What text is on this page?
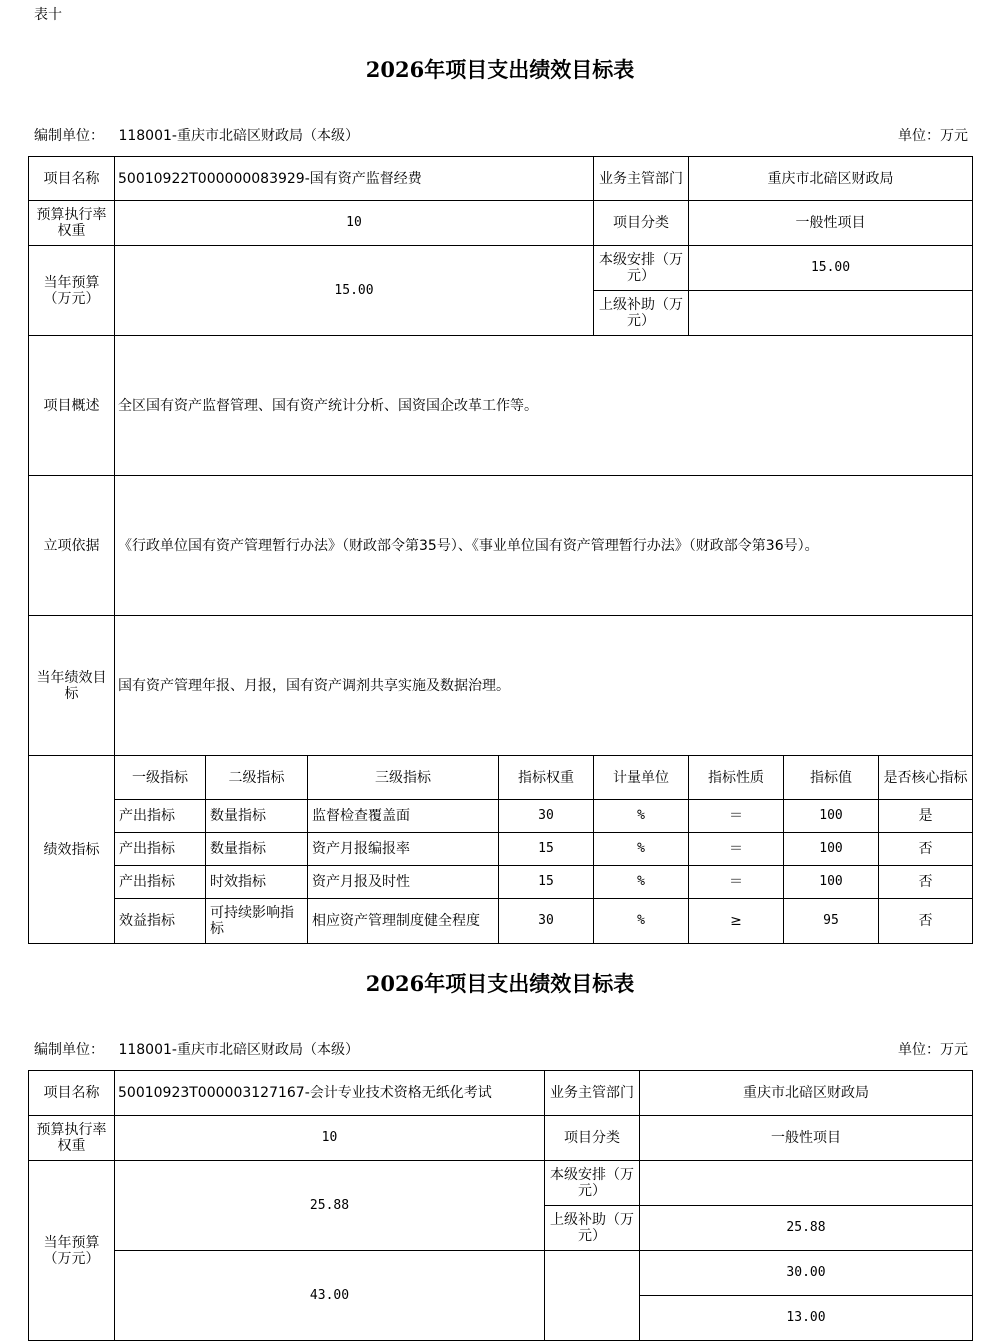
表十
2026年项目支出绩效目标表
编制单位： 118001-重庆市北碚区财政局（本级）	单位：万元
项目名称	50010922T000000083929-国有资产监督经费				业务主管部门	重庆市北碚区财政局		
预算执行率权重	10				项目分类	一般性项目		
当年预算（万元）	15.00				本级安排（万元）	15.00		
					上级补助（万元）			
项目概述	全区国有资产监督管理、国有资产统计分析、国资国企改革工作等。							
立项依据	《行政单位国有资产管理暂行办法》（财政部令第35号）、《事业单位国有资产管理暂行办法》（财政部令第36号）。							
当年绩效目标	国有资产管理年报、月报，国有资产调剂共享实施及数据治理。							
绩效指标	一级指标	二级指标	三级指标	指标权重	计量单位	指标性质	指标值	是否核心指标
	产出指标	数量指标	监督检查覆盖面	30	%	＝	100	是
	产出指标	数量指标	资产月报编报率	15	%	＝	100	否
	产出指标	时效指标	资产月报及时性	15	%	＝	100	否
	效益指标	可持续影响指标	相应资产管理制度健全程度	30	%	≥	95	否
2026年项目支出绩效目标表
编制单位： 118001-重庆市北碚区财政局（本级）	单位：万元
项目名称	50010923T000003127167-会计专业技术资格无纸化考试	业务主管部门	重庆市北碚区财政局
预算执行率权重	10	项目分类	一般性项目
当年预算（万元）	25.88	本级安排（万元）	
		上级补助（万元）	25.88
	43.00		30.00
			13.00
